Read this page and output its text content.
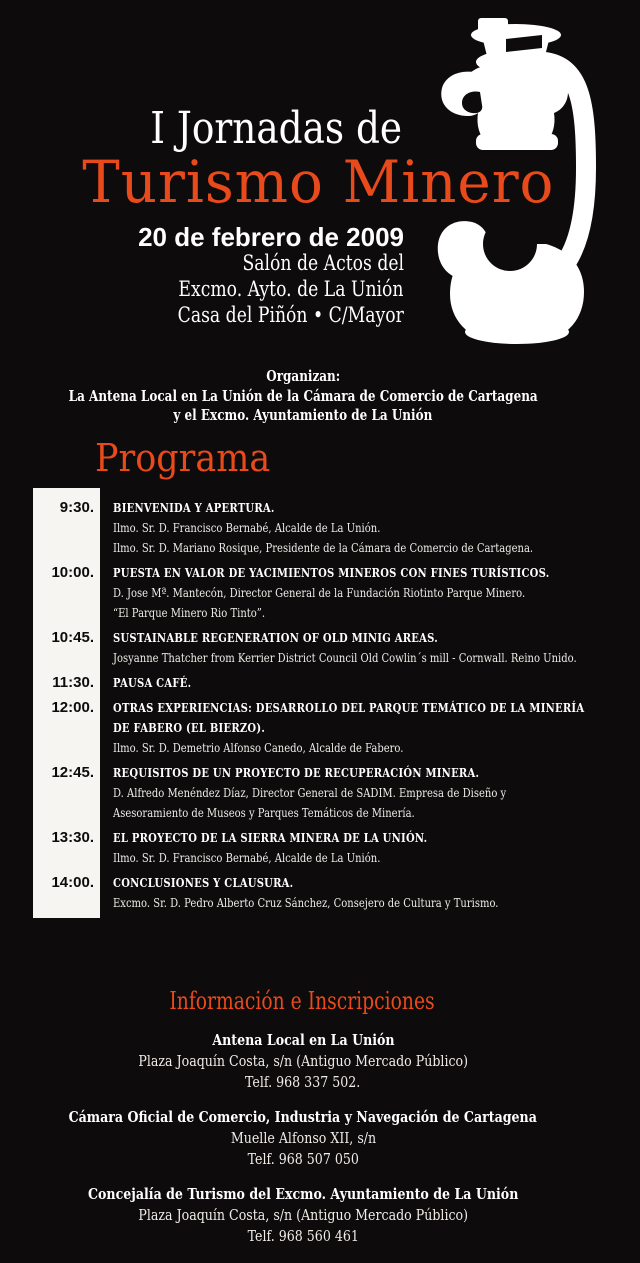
I Jornadas de
Turismo Minero
20 de febrero de 2009
Salón de Actos del
Excmo. Ayto. de La Unión
Casa del Piñón • C/Mayor
Organizan:
La Antena Local en La Unión de la Cámara de Comercio de Cartagena
y el Excmo. Ayuntamiento de La Unión
Programa
9:30.	BIENVENIDA Y APERTURA.
Ilmo. Sr. D. Francisco Bernabé, Alcalde de La Unión.
Ilmo. Sr. D. Mariano Rosique, Presidente de la Cámara de Comercio de Cartagena.
10:00.	PUESTA EN VALOR DE YACIMIENTOS MINEROS CON FINES TURÍSTICOS.
D. Jose Mª. Mantecón, Director General de la Fundación Riotinto Parque Minero.
“El Parque Minero Rio Tinto”.
10:45.	SUSTAINABLE REGENERATION OF OLD MINIG AREAS.
Josyanne Thatcher from Kerrier District Council Old Cowlin´s mill - Cornwall. Reino Unido.
11:30.	PAUSA CAFÉ.
12:00.	OTRAS EXPERIENCIAS: DESARROLLO DEL PARQUE TEMÁTICO DE LA MINERÍA
DE FABERO (EL BIERZO).
Ilmo. Sr. D. Demetrio Alfonso Canedo, Alcalde de Fabero.
12:45.	REQUISITOS DE UN PROYECTO DE RECUPERACIÓN MINERA.
D. Alfredo Menéndez Díaz, Director General de SADIM. Empresa de Diseño y
Asesoramiento de Museos y Parques Temáticos de Minería.
13:30.	EL PROYECTO DE LA SIERRA MINERA DE LA UNIÓN.
Ilmo. Sr. D. Francisco Bernabé, Alcalde de La Unión.
14:00.	CONCLUSIONES Y CLAUSURA.
Excmo. Sr. D. Pedro Alberto Cruz Sánchez, Consejero de Cultura y Turismo.
Información e Inscripciones
Antena Local en La Unión
Plaza Joaquín Costa, s/n (Antiguo Mercado Público)
Telf. 968 337 502.
Cámara Oficial de Comercio, Industria y Navegación de Cartagena
Muelle Alfonso XII, s/n
Telf. 968 507 050
Concejalía de Turismo del Excmo. Ayuntamiento de La Unión
Plaza Joaquín Costa, s/n (Antiguo Mercado Público)
Telf. 968 560 461
